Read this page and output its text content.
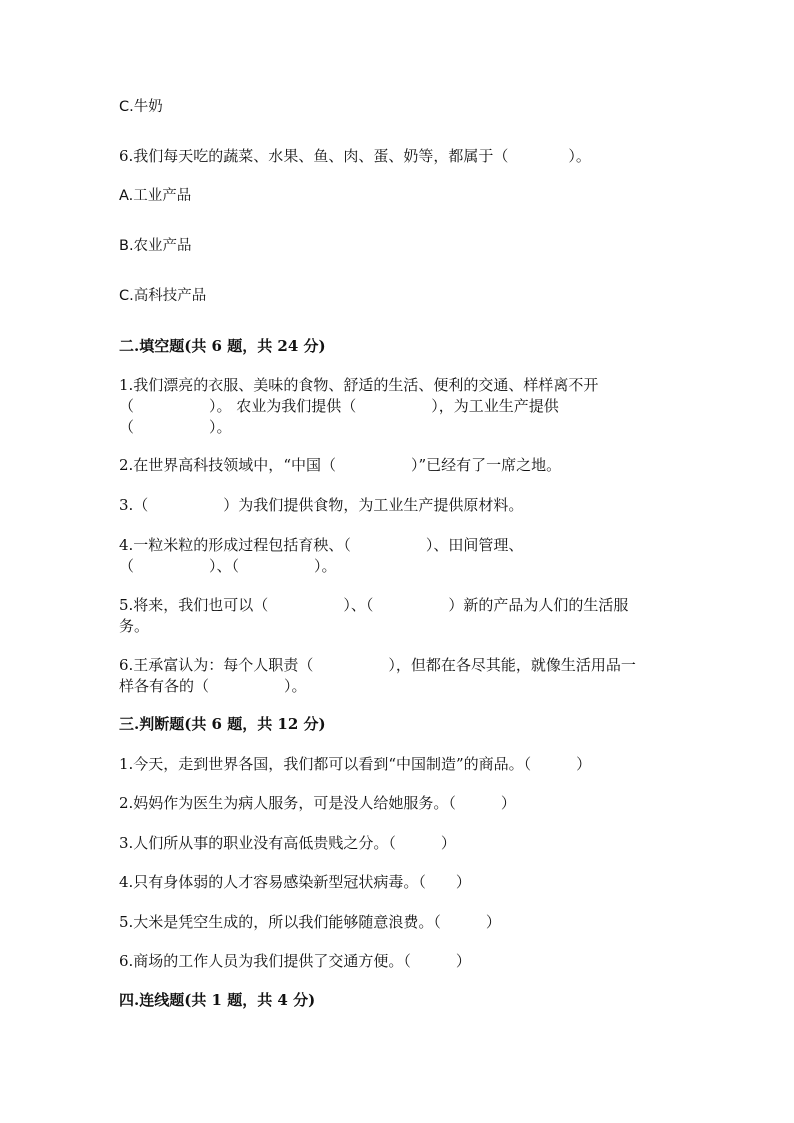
C.牛奶
6.我们每天吃的蔬菜、水果、鱼、肉、蛋、奶等，都属于（　　　　）。
A.工业产品
B.农业产品
C.高科技产品
二.填空题(共 6 题，共 24 分)
1.我们漂亮的衣服、美味的食物、舒适的生活、便利的交通、样样离不开
（　　　　　）。 农业为我们提供（　　　　　），为工业生产提供
（　　　　　）。
2.在世界高科技领域中，“中国（　　　　　）”已经有了一席之地。
3.（　　　　　）为我们提供食物，为工业生产提供原材料。
4.一粒米粒的形成过程包括育秧、（　　　　　）、田间管理、
（　　　　　）、（　　　　　）。
5.将来，我们也可以（　　　　　）、（　　　　　）新的产品为人们的生活服
务。
6.王承富认为：每个人职责（　　　　　），但都在各尽其能，就像生活用品一
样各有各的（　　　　　）。
三.判断题(共 6 题，共 12 分)
1.今天，走到世界各国，我们都可以看到“中国制造”的商品。（　　　）
2.妈妈作为医生为病人服务，可是没人给她服务。（　　　）
3.人们所从事的职业没有高低贵贱之分。（　　　）
4.只有身体弱的人才容易感染新型冠状病毒。（　　）
5.大米是凭空生成的，所以我们能够随意浪费。（　　　）
6.商场的工作人员为我们提供了交通方便。（　　　）
四.连线题(共 1 题，共 4 分)
